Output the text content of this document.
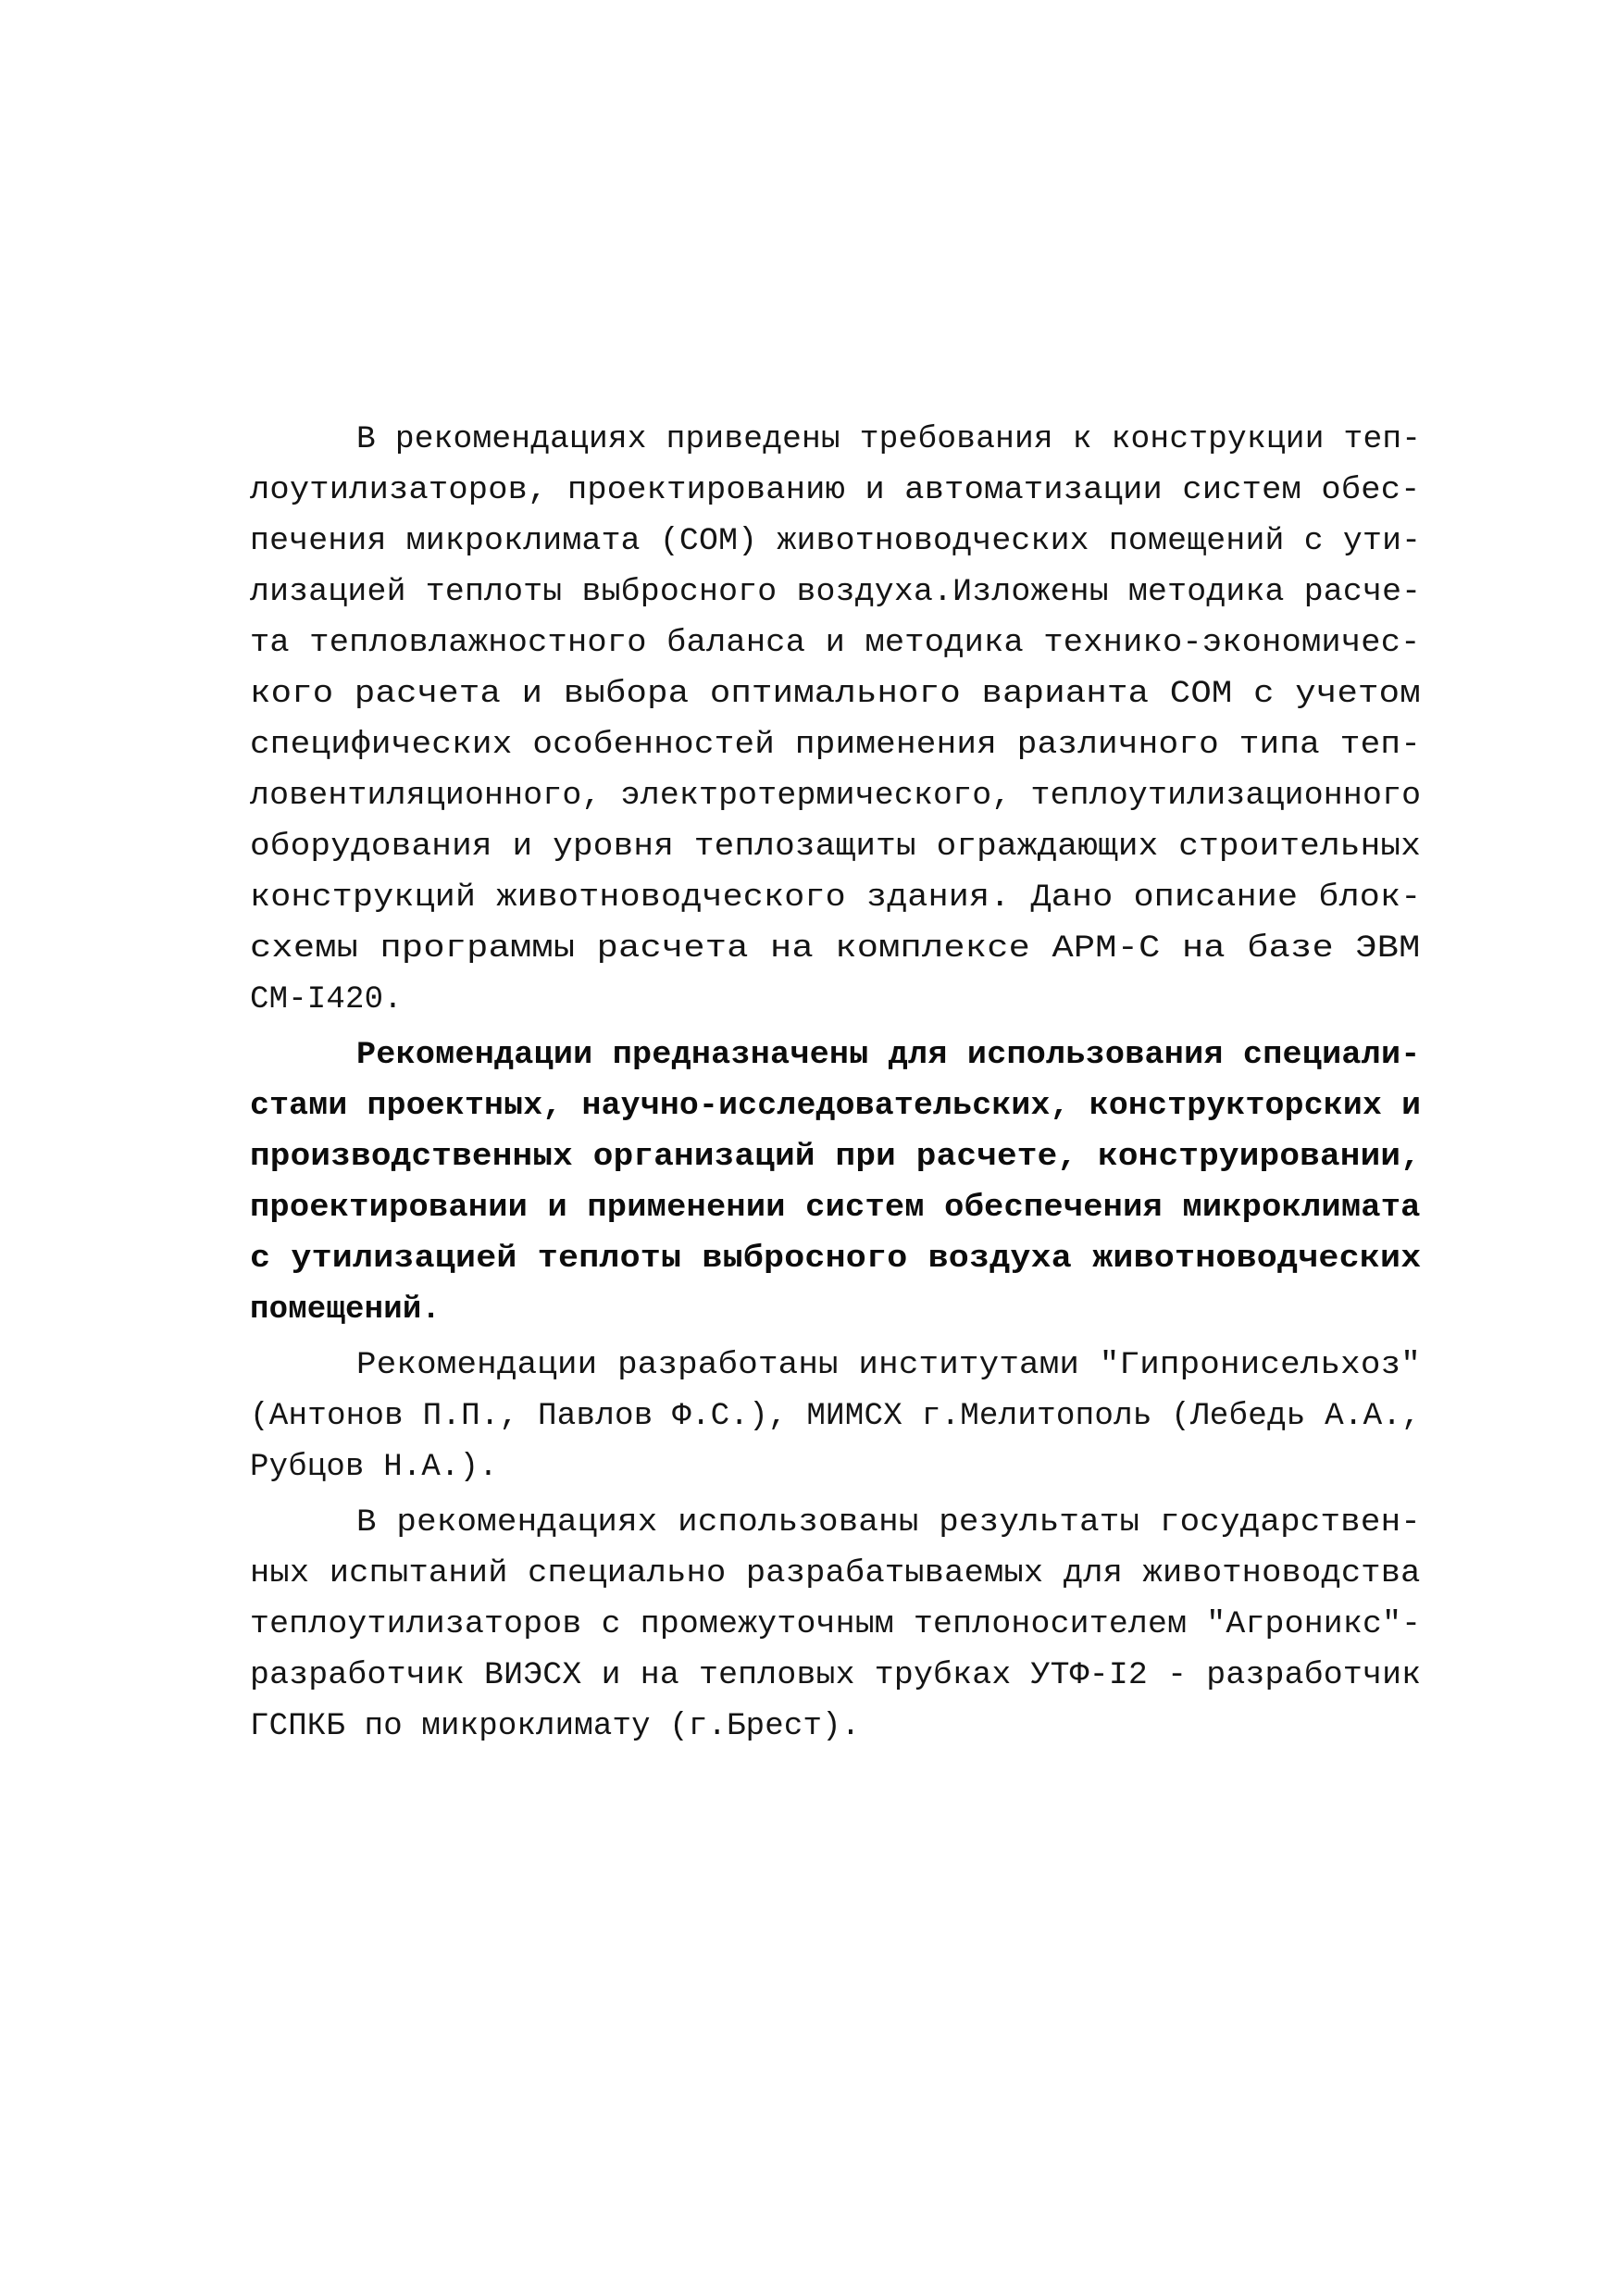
В рекомендациях приведены требования к конструкции теп-
лоутилизаторов, проектированию и автоматизации систем обес-
печения микроклимата (СОМ) животноводческих помещений с ути-
лизацией теплоты выбросного воздуха.Изложены методика расче-
та тепловлажностного баланса и методика технико-экономичес-
кого расчета и выбора оптимального варианта СОМ с учетом
специфических особенностей применения различного типа теп-
ловентиляционного, электротермического, теплоутилизационного
оборудования и уровня теплозащиты ограждающих строительных
конструкций животноводческого здания. Дано описание блок-
схемы программы расчета на комплексе АРМ-С на базе ЭВМ
СМ-I420.
Рекомендации предназначены для использования специали-
стами проектных, научно-исследовательских, конструкторских и
производственных организаций при расчете, конструировании,
проектировании и применении систем обеспечения микроклимата
с утилизацией теплоты выбросного воздуха животноводческих
помещений.
Рекомендации разработаны институтами "Гипронисельхоз"
(Антонов П.П., Павлов Ф.С.), МИМСХ г.Мелитополь (Лебедь А.А.,
Рубцов Н.А.).
В рекомендациях использованы результаты государствен-
ных испытаний специально разрабатываемых для животноводства
теплоутилизаторов с промежуточным теплоносителем "Агроникс"-
разработчик ВИЭСХ и на тепловых трубках УТФ-I2 - разработчик
ГСПКБ по микроклимату (г.Брест).
